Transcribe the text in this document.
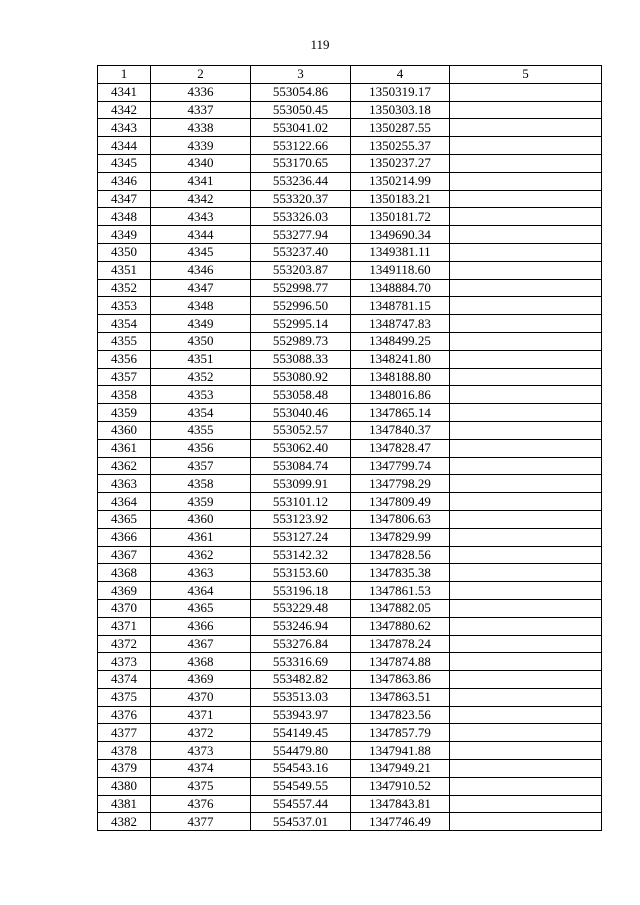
119
1	2	3	4	5
4341	4336	553054.86	1350319.17	
4342	4337	553050.45	1350303.18	
4343	4338	553041.02	1350287.55	
4344	4339	553122.66	1350255.37	
4345	4340	553170.65	1350237.27	
4346	4341	553236.44	1350214.99	
4347	4342	553320.37	1350183.21	
4348	4343	553326.03	1350181.72	
4349	4344	553277.94	1349690.34	
4350	4345	553237.40	1349381.11	
4351	4346	553203.87	1349118.60	
4352	4347	552998.77	1348884.70	
4353	4348	552996.50	1348781.15	
4354	4349	552995.14	1348747.83	
4355	4350	552989.73	1348499.25	
4356	4351	553088.33	1348241.80	
4357	4352	553080.92	1348188.80	
4358	4353	553058.48	1348016.86	
4359	4354	553040.46	1347865.14	
4360	4355	553052.57	1347840.37	
4361	4356	553062.40	1347828.47	
4362	4357	553084.74	1347799.74	
4363	4358	553099.91	1347798.29	
4364	4359	553101.12	1347809.49	
4365	4360	553123.92	1347806.63	
4366	4361	553127.24	1347829.99	
4367	4362	553142.32	1347828.56	
4368	4363	553153.60	1347835.38	
4369	4364	553196.18	1347861.53	
4370	4365	553229.48	1347882.05	
4371	4366	553246.94	1347880.62	
4372	4367	553276.84	1347878.24	
4373	4368	553316.69	1347874.88	
4374	4369	553482.82	1347863.86	
4375	4370	553513.03	1347863.51	
4376	4371	553943.97	1347823.56	
4377	4372	554149.45	1347857.79	
4378	4373	554479.80	1347941.88	
4379	4374	554543.16	1347949.21	
4380	4375	554549.55	1347910.52	
4381	4376	554557.44	1347843.81	
4382	4377	554537.01	1347746.49	
